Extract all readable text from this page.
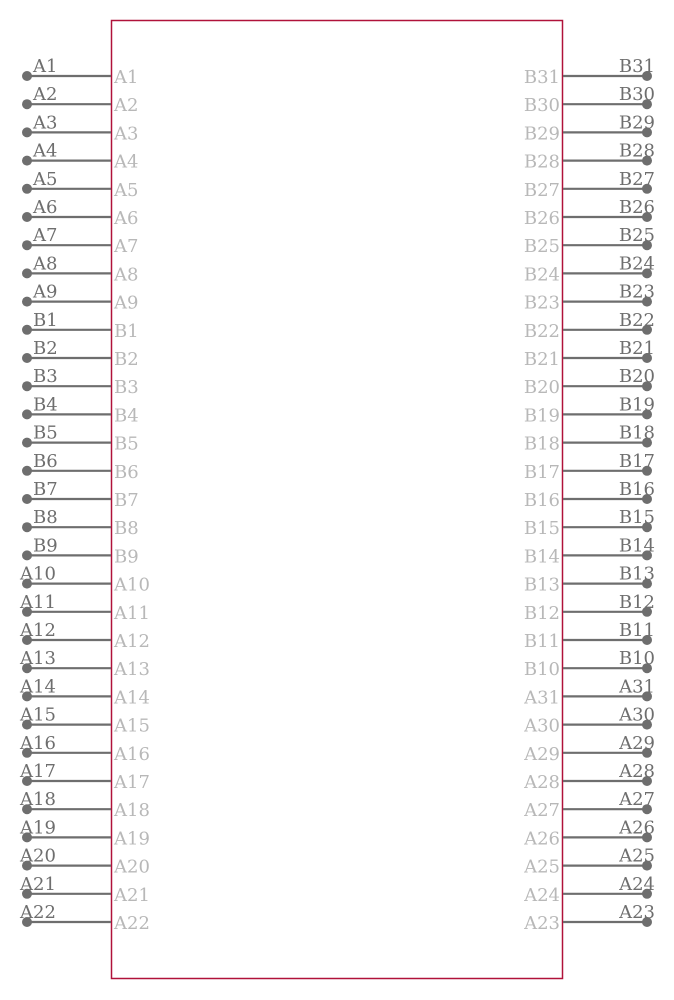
A1
A1
A2
A2
A3
A3
A4
A4
A5
A5
A6
A6
A7
A7
A8
A8
A9
A9
B1
B1
B2
B2
B3
B3
B4
B4
B5
B5
B6
B6
B7
B7
B8
B8
B9
B9
A10
A10
A11
A11
A12
A12
A13
A13
A14
A14
A15
A15
A16
A16
A17
A17
A18
A18
A19
A19
A20
A20
A21
A21
A22
A22
B31
B31
B30
B30
B29
B29
B28
B28
B27
B27
B26
B26
B25
B25
B24
B24
B23
B23
B22
B22
B21
B21
B20
B20
B19
B19
B18
B18
B17
B17
B16
B16
B15
B15
B14
B14
B13
B13
B12
B12
B11
B11
B10
B10
A31
A31
A30
A30
A29
A29
A28
A28
A27
A27
A26
A26
A25
A25
A24
A24
A23
A23
